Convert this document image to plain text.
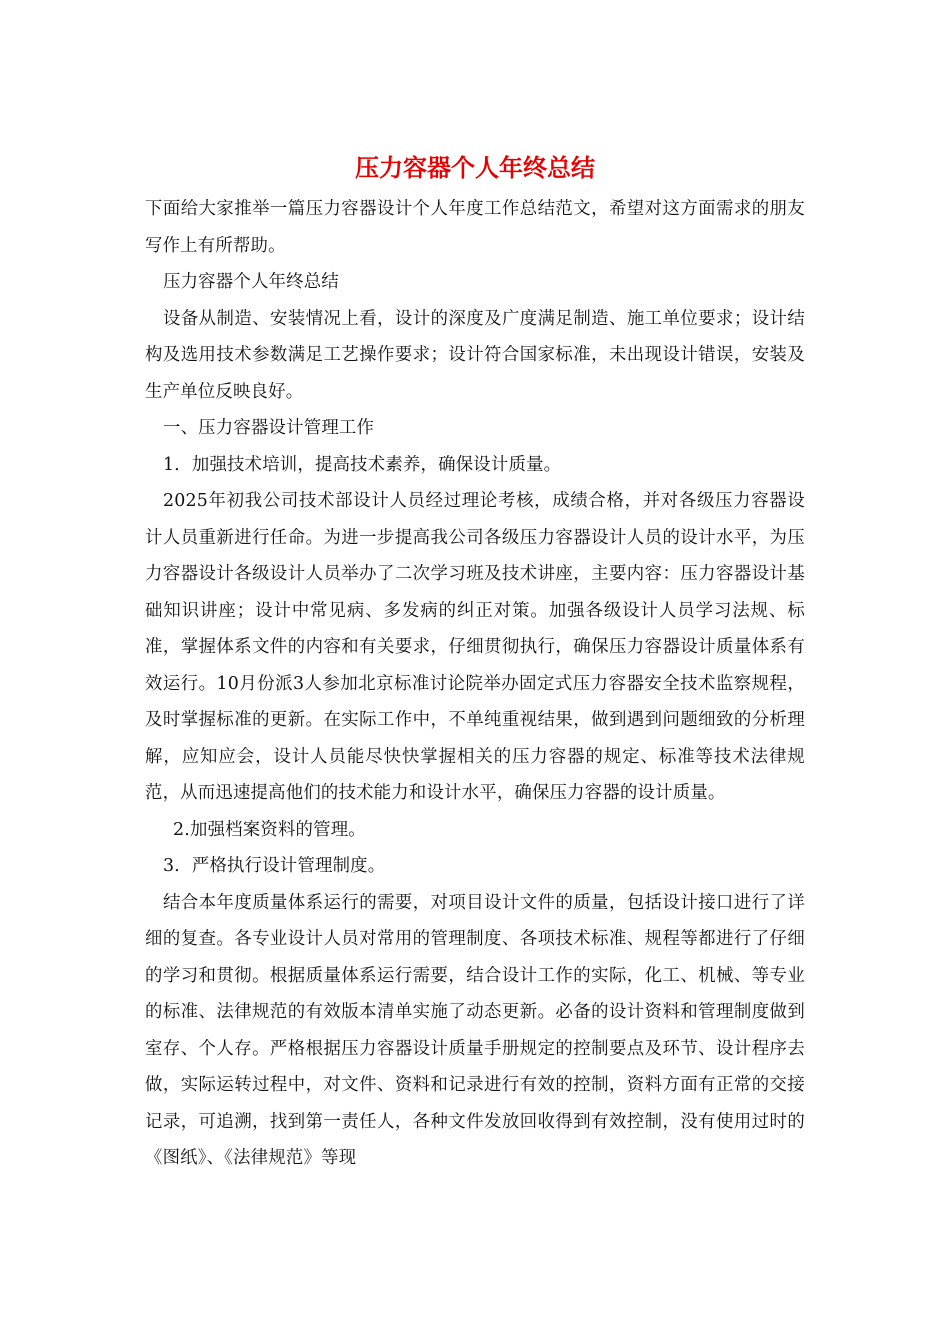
压力容器个人年终总结

下面给大家推举一篇压力容器设计个人年度工作总结范文，希望对这方面需求的朋友写作上有所帮助。

压力容器个人年终总结

设备从制造、安装情况上看，设计的深度及广度满足制造、施工单位要求；设计结构及选用技术参数满足工艺操作要求；设计符合国家标准，未出现设计错误，安装及生产单位反映良好。

一、压力容器设计管理工作

1．加强技术培训，提高技术素养，确保设计质量。

2025年初我公司技术部设计人员经过理论考核，成绩合格，并对各级压力容器设计人员重新进行任命。为进一步提高我公司各级压力容器设计人员的设计水平，为压力容器设计各级设计人员举办了二次学习班及技术讲座，主要内容：压力容器设计基础知识讲座；设计中常见病、多发病的纠正对策。加强各级设计人员学习法规、标准，掌握体系文件的内容和有关要求，仔细贯彻执行，确保压力容器设计质量体系有效运行。10月份派3人参加北京标准讨论院举办固定式压力容器安全技术监察规程，及时掌握标准的更新。在实际工作中，不单纯重视结果，做到遇到问题细致的分析理解，应知应会，设计人员能尽快快掌握相关的压力容器的规定、标准等技术法律规范，从而迅速提高他们的技术能力和设计水平，确保压力容器的设计质量。

2.加强档案资料的管理。

3．严格执行设计管理制度。

结合本年度质量体系运行的需要，对项目设计文件的质量，包括设计接口进行了详细的复查。各专业设计人员对常用的管理制度、各项技术标准、规程等都进行了仔细的学习和贯彻。根据质量体系运行需要，结合设计工作的实际，化工、机械、等专业的标准、法律规范的有效版本清单实施了动态更新。必备的设计资料和管理制度做到室存、个人存。严格根据压力容器设计质量手册规定的控制要点及环节、设计程序去做，实际运转过程中，对文件、资料和记录进行有效的控制，资料方面有正常的交接记录，可追溯，找到第一责任人，各种文件发放回收得到有效控制，没有使用过时的《图纸》、《法律规范》等现
